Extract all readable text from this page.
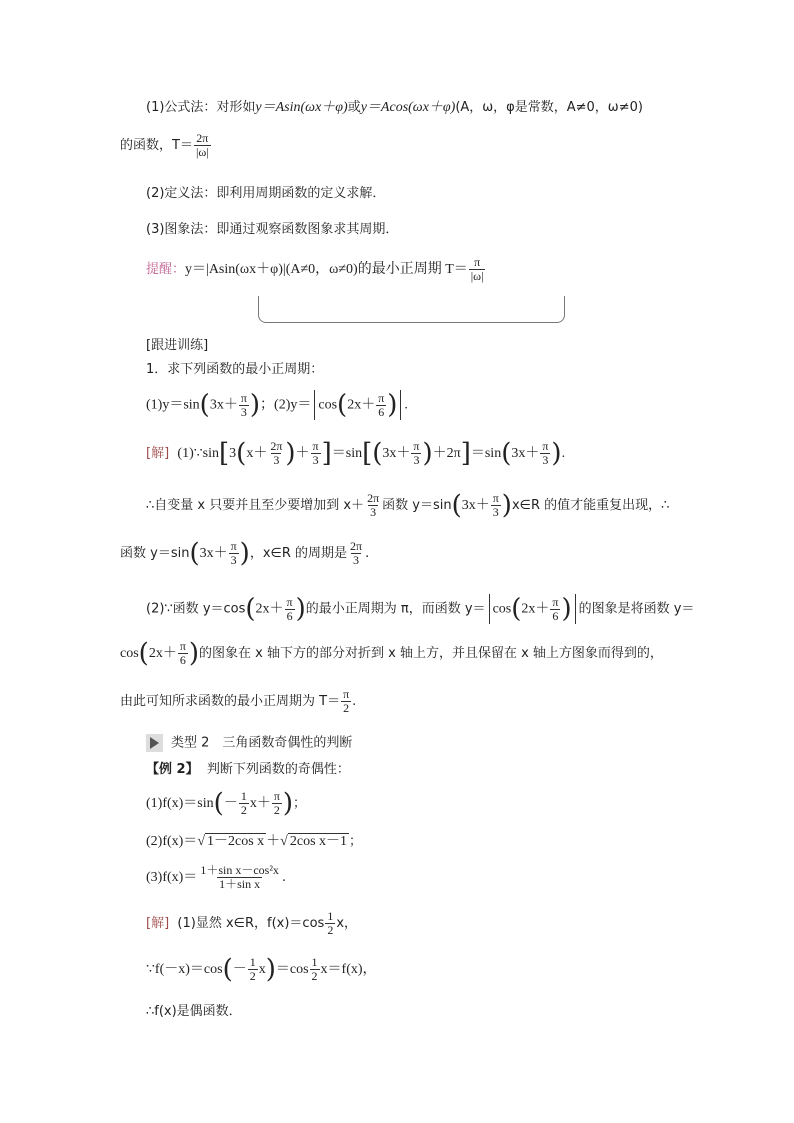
(1)公式法：对形如y＝Asin(ωx＋φ)或y＝Acos(ωx＋φ)(A，ω，φ是常数，A≠0，ω≠0)
的函数，$T= \frac{2\pi}{|\omega|}$
(2)定义法：即利用周期函数的定义求解．
(3)图象法：即通过观察函数图象求其周期．
提醒：y＝|Asin(ωx＋φ)|(A≠0，ω≠0)的最小正周期 $T= \frac{\pi}{|\omega|}$
[跟进训练]
1．求下列函数的最小正周期：
$(1)y=\sin(3x+ \frac{\pi}{3}$ )；$(2)y= \cos(2x+ \frac{\pi}{6}$ ) .
[解] (1)∵sin[3(x＋ $\frac{2\pi}{3}$ )＋ $\frac{\pi}{3} ]=\sin[(3x+ \frac{\pi}{3} )+2\pi]=\sin(3x+ \frac{\pi}{3}$ ).
∴自变量 x 只要并且至少要增加到 $x+ \frac{2\pi}{3}$ 函数 $y=\sin(3x+ \frac{\pi}{3}$ )x∈R 的值才能重复出现，∴
函数 $y=\sin(3x+ \frac{\pi}{3}$ )，x∈R 的周期是 $\frac{2\pi}{3}$ .
(2)∵函数 $y=\cos(2x+ \frac{\pi}{6}$ )的最小正周期为 π，而函数 $y= \cos(2x+ \frac{\pi}{6}$ ) 的图象是将函数 y＝
$\cos(2x+ \frac{\pi}{6}$ )的图象在 x 轴下方的部分对折到 x 轴上方，并且保留在 x 轴上方图象而得到的，
由此可知所求函数的最小正周期为 $T= \frac{\pi}{2}$ .
类型 2　三角函数奇偶性的判断
【例 2】 判断下列函数的奇偶性：
$(1)f(x)=\sin(- \frac{1}{2} x+ \frac{\pi}{2}$ )；
(2)f(x)＝√ 1－2cos x ＋√ 2cos x－1 ；
$(3)f(x)= \frac{\text{1＋sin x－cos²x}}{\text{1＋sin x}}$ .
[解] (1)显然 x∈R，$f(x)=\cos \frac{1}{2}$ x，
∵f(－x)＝cos(－ $\frac{1}{2} x)=\cos \frac{1}{2} x=f(x)$，
∴f(x)是偶函数．
